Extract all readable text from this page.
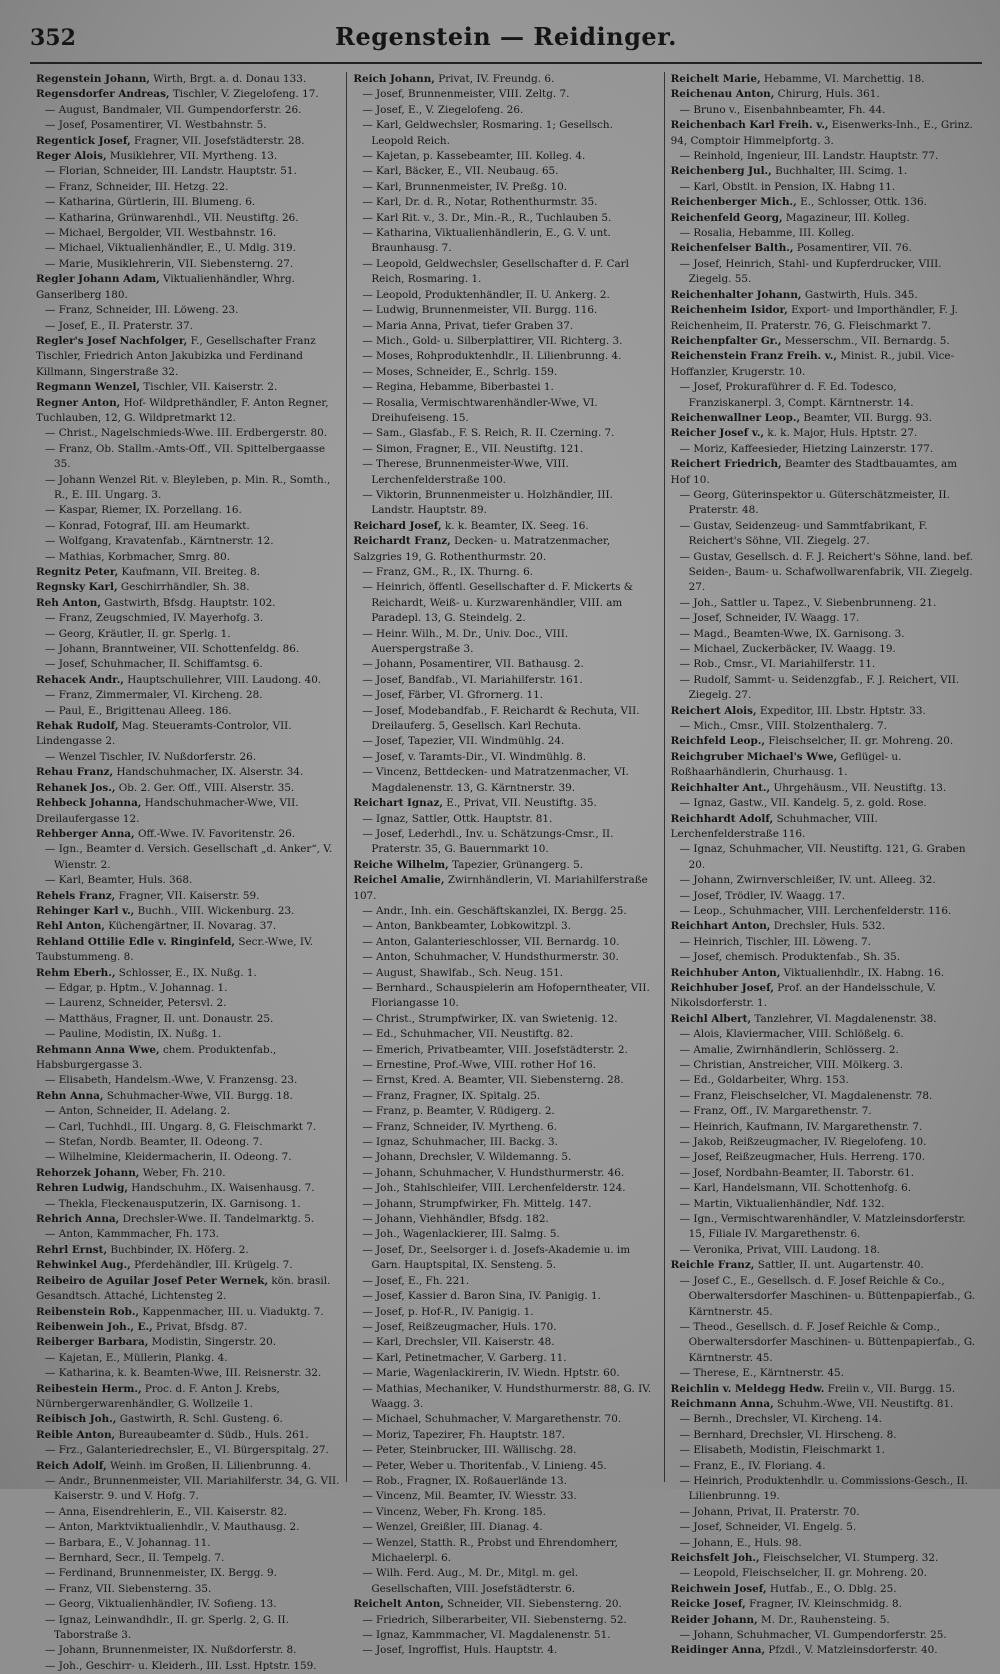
352	Regenstein — Reidinger.

Regenstein Johann, Wirth, Brgt. a. d. Donau 133.

Regensdorfer Andreas, Tischler, V. Ziegelofeng. 17.

— August, Bandmaler, VII. Gumpendorferstr. 26.

— Josef, Posamentirer, VI. Westbahnstr. 5.

Regentick Josef, Fragner, VII. Josefstädterstr. 28.

Reger Alois, Musiklehrer, VII. Myrtheng. 13.

— Florian, Schneider, III. Landstr. Hauptstr. 51.

— Franz, Schneider, III. Hetzg. 22.

— Katharina, Gürtlerin, III. Blumeng. 6.

— Katharina, Grünwarenhdl., VII. Neustiftg. 26.

— Michael, Bergolder, VII. Westbahnstr. 16.

— Michael, Viktualienhändler, E., U. Mdlg. 319.

— Marie, Musiklehrerin, VII. Siebensterng. 27.

Regler Johann Adam, Viktualienhändler, Whrg. Ganserlberg 180.

— Franz, Schneider, III. Löweng. 23.

— Josef, E., II. Praterstr. 37.

Regler's Josef Nachfolger, F., Gesellschafter Franz Tischler, Friedrich Anton Jakubizka und Ferdinand Killmann, Singerstraße 32.

Regmann Wenzel, Tischler, VII. Kaiserstr. 2.

Regner Anton, Hof- Wildprethändler, F. Anton Regner, Tuchlauben, 12, G. Wildpretmarkt 12.

— Christ., Nagelschmieds-Wwe. III. Erdbergerstr. 80.

— Franz, Ob. Stallm.-Amts-Off., VII. Spittelbergaasse 35.

— Johann Wenzel Rit. v. Bleyleben, p. Min. R., Somth., R., E. III. Ungarg. 3.

— Kaspar, Riemer, IX. Porzellang. 16.

— Konrad, Fotograf, III. am Heumarkt.

— Wolfgang, Kravatenfab., Kärntnerstr. 12.

— Mathias, Korbmacher, Smrg. 80.

Regnitz Peter, Kaufmann, VII. Breiteg. 8.

Regnsky Karl, Geschirrhändler, Sh. 38.

Reh Anton, Gastwirth, Bfsdg. Hauptstr. 102.

— Franz, Zeugschmied, IV. Mayerhofg. 3.

— Georg, Kräutler, II. gr. Sperlg. 1.

— Johann, Branntweiner, VII. Schottenfeldg. 86.

— Josef, Schuhmacher, II. Schiffamtsg. 6.

Rehacek Andr., Hauptschullehrer, VIII. Laudong. 40.

— Franz, Zimmermaler, VI. Kircheng. 28.

— Paul, E., Brigittenau Alleeg. 186.

Rehak Rudolf, Mag. Steueramts-Controlor, VII. Lindengasse 2.

— Wenzel Tischler, IV. Nußdorferstr. 26.

Rehau Franz, Handschuhmacher, IX. Alserstr. 34.

Rehanek Jos., Ob. 2. Ger. Off., VIII. Alserstr. 35.

Rehbeck Johanna, Handschuhmacher-Wwe, VII. Dreilaufergasse 12.

Rehberger Anna, Off.-Wwe. IV. Favoritenstr. 26.

— Ign., Beamter d. Versich. Gesellschaft „d. Anker“, V. Wienstr. 2.

— Karl, Beamter, Huls. 368.

Rehels Franz, Fragner, VII. Kaiserstr. 59.

Rehinger Karl v., Buchh., VIII. Wickenburg. 23.

Rehl Anton, Küchengärtner, II. Novarag. 37.

Rehland Ottilie Edle v. Ringinfeld, Secr.-Wwe, IV. Taubstummeng. 8.

Rehm Eberh., Schlosser, E., IX. Nußg. 1.

— Edgar, p. Hptm., V. Johannag. 1.

— Laurenz, Schneider, Petersvl. 2.

— Matthäus, Fragner, II. unt. Donaustr. 25.

— Pauline, Modistin, IX. Nußg. 1.

Rehmann Anna Wwe, chem. Produktenfab., Habsburgergasse 3.

— Elisabeth, Handelsm.-Wwe, V. Franzensg. 23.

Rehn Anna, Schuhmacher-Wwe, VII. Burgg. 18.

— Anton, Schneider, II. Adelang. 2.

— Carl, Tuchhdl., III. Ungarg. 8, G. Fleischmarkt 7.

— Stefan, Nordb. Beamter, II. Odeong. 7.

— Wilhelmine, Kleidermacherin, II. Odeong. 7.

Rehorzek Johann, Weber, Fh. 210.

Rehren Ludwig, Handschuhm., IX. Waisenhausg. 7.

— Thekla, Fleckenausputzerin, IX. Garnisong. 1.

Rehrich Anna, Drechsler-Wwe. II. Tandelmarktg. 5.

— Anton, Kammmacher, Fh. 173.

Rehrl Ernst, Buchbinder, IX. Höferg. 2.

Rehwinkel Aug., Pferdehändler, III. Krügelg. 7.

Reibeiro de Aguilar Josef Peter Wernek, kön. brasil. Gesandtsch. Attaché, Lichtensteg 2.

Reibenstein Rob., Kappenmacher, III. u. Viaduktg. 7.

Reibenwein Joh., E., Privat, Bfsdg. 87.

Reiberger Barbara, Modistin, Singerstr. 20.

— Kajetan, E., Müllerin, Plankg. 4.

— Katharina, k. k. Beamten-Wwe, III. Reisnerstr. 32.

Reibestein Herm., Proc. d. F. Anton J. Krebs, Nürnbergerwarenhändler, G. Wollzeile 1.

Reibisch Joh., Gastwirth, R. Schl. Gusteng. 6.

Reible Anton, Bureaubeamter d. Südb., Huls. 261.

— Frz., Galanteriedrechsler, E., VI. Bürgerspitalg. 27.

Reich Adolf, Weinh. im Großen, II. Lilienbrunng. 4.

— Andr., Brunnenmeister, VII. Mariahilferstr. 34, G. VII. Kaiserstr. 9. und V. Hofg. 7.

— Anna, Eisendrehlerin, E., VII. Kaiserstr. 82.

— Anton, Marktviktualienhdlr., V. Mauthausg. 2.

— Barbara, E., V. Johannag. 11.

— Bernhard, Secr., II. Tempelg. 7.

— Ferdinand, Brunnenmeister, IX. Bergg. 9.

— Franz, VII. Siebensterng. 35.

— Georg, Viktualienhändler, IV. Sofieng. 13.

— Ignaz, Leinwandhdlr., II. gr. Sperlg. 2, G. II. Taborstraße 3.

— Johann, Brunnenmeister, IX. Nußdorferstr. 8.

— Joh., Geschirr- u. Kleiderh., III. Lsst. Hptstr. 159.

Reich Johann, Privat, IV. Freundg. 6.

— Josef, Brunnenmeister, VIII. Zeltg. 7.

— Josef, E., V. Ziegelofeng. 26.

— Karl, Geldwechsler, Rosmaring. 1; Gesellsch. Leopold Reich.

— Kajetan, p. Kassebeamter, III. Kolleg. 4.

— Karl, Bäcker, E., VII. Neubaug. 65.

— Karl, Brunnenmeister, IV. Preßg. 10.

— Karl, Dr. d. R., Notar, Rothenthurmstr. 35.

— Karl Rit. v., 3. Dr., Min.-R., R., Tuchlauben 5.

— Katharina, Viktualienhändlerin, E., G. V. unt. Braunhausg. 7.

— Leopold, Geldwechsler, Gesellschafter d. F. Carl Reich, Rosmaring. 1.

— Leopold, Produktenhändler, II. U. Ankerg. 2.

— Ludwig, Brunnenmeister, VII. Burgg. 116.

— Maria Anna, Privat, tiefer Graben 37.

— Mich., Gold- u. Silberplattirer, VII. Richterg. 3.

— Moses, Rohproduktenhdlr., II. Lilienbrunng. 4.

— Moses, Schneider, E., Schrlg. 159.

— Regina, Hebamme, Biberbastei 1.

— Rosalia, Vermischtwarenhändler-Wwe, VI. Dreihufeiseng. 15.

— Sam., Glasfab., F. S. Reich, R. II. Czerning. 7.

— Simon, Fragner, E., VII. Neustiftg. 121.

— Therese, Brunnenmeister-Wwe, VIII. Lerchenfelderstraße 100.

— Viktorin, Brunnenmeister u. Holzhändler, III. Landstr. Hauptstr. 89.

Reichard Josef, k. k. Beamter, IX. Seeg. 16.

Reichardt Franz, Decken- u. Matratzenmacher, Salzgries 19, G. Rothenthurmstr. 20.

— Franz, GM., R., IX. Thurng. 6.

— Heinrich, öffentl. Gesellschafter d. F. Mickerts & Reichardt, Weiß- u. Kurzwarenhändler, VIII. am Paradepl. 13, G. Steindelg. 2.

— Heinr. Wilh., M. Dr., Univ. Doc., VIII. Auerspergstraße 3.

— Johann, Posamentirer, VII. Bathausg. 2.

— Josef, Bandfab., VI. Mariahilferstr. 161.

— Josef, Färber, VI. Gfrornerg. 11.

— Josef, Modebandfab., F. Reichardt & Rechuta, VII. Dreilauferg. 5, Gesellsch. Karl Rechuta.

— Josef, Tapezier, VII. Windmühlg. 24.

— Josef, v. Taramts-Dir., VI. Windmühlg. 8.

— Vincenz, Bettdecken- und Matratzenmacher, VI. Magdalenenstr. 13, G. Kärntnerstr. 39.

Reichart Ignaz, E., Privat, VII. Neustiftg. 35.

— Ignaz, Sattler, Ottk. Hauptstr. 81.

— Josef, Lederhdl., Inv. u. Schätzungs-Cmsr., II. Praterstr. 35, G. Bauernmarkt 10.

Reiche Wilhelm, Tapezier, Grünangerg. 5.

Reichel Amalie, Zwirnhändlerin, VI. Mariahilferstraße 107.

— Andr., Inh. ein. Geschäftskanzlei, IX. Bergg. 25.

— Anton, Bankbeamter, Lobkowitzpl. 3.

— Anton, Galanterieschlosser, VII. Bernardg. 10.

— Anton, Schuhmacher, V. Hundsthurmerstr. 30.

— August, Shawlfab., Sch. Neug. 151.

— Bernhard., Schauspielerin am Hofoperntheater, VII. Floriangasse 10.

— Christ., Strumpfwirker, IX. van Swietenig. 12.

— Ed., Schuhmacher, VII. Neustiftg. 82.

— Emerich, Privatbeamter, VIII. Josefstädterstr. 2.

— Ernestine, Prof.-Wwe, VIII. rother Hof 16.

— Ernst, Kred. A. Beamter, VII. Siebensterng. 28.

— Franz, Fragner, IX. Spitalg. 25.

— Franz, p. Beamter, V. Rüdigerg. 2.

— Franz, Schneider, IV. Myrtheng. 6.

— Ignaz, Schuhmacher, III. Backg. 3.

— Johann, Drechsler, V. Wildemanng. 5.

— Johann, Schuhmacher, V. Hundsthurmerstr. 46.

— Joh., Stahlschleifer, VIII. Lerchenfelderstr. 124.

— Johann, Strumpfwirker, Fh. Mittelg. 147.

— Johann, Viehhändler, Bfsdg. 182.

— Joh., Wagenlackierer, III. Salmg. 5.

— Josef, Dr., Seelsorger i. d. Josefs-Akademie u. im Garn. Hauptspital, IX. Sensteng. 5.

— Josef, E., Fh. 221.

— Josef, Kassier d. Baron Sina, IV. Panigig. 1.

— Josef, p. Hof-R., IV. Panigig. 1.

— Josef, Reißzeugmacher, Huls. 170.

— Karl, Drechsler, VII. Kaiserstr. 48.

— Karl, Petinetmacher, V. Garberg. 11.

— Marie, Wagenlackirerin, IV. Wiedn. Hptstr. 60.

— Mathias, Mechaniker, V. Hundsthurmerstr. 88, G. IV. Waagg. 3.

— Michael, Schuhmacher, V. Margarethenstr. 70.

— Moriz, Tapezirer, Fh. Hauptstr. 187.

— Peter, Steinbrucker, III. Wällischg. 28.

— Peter, Weber u. Thoritenfab., V. Linieng. 45.

— Rob., Fragner, IX. Roßauerlände 13.

— Vincenz, Mil. Beamter, IV. Wiesstr. 33.

— Vincenz, Weber, Fh. Krong. 185.

— Wenzel, Greißler, III. Dianag. 4.

— Wenzel, Statth. R., Probst und Ehrendomherr, Michaelerpl. 6.

— Wilh. Ferd. Aug., M. Dr., Mitgl. m. gel. Gesellschaften, VIII. Josefstädterstr. 6.

Reichelt Anton, Schneider, VII. Siebensterng. 20.

— Friedrich, Silberarbeiter, VII. Siebensterng. 52.

— Ignaz, Kammmacher, VI. Magdalenenstr. 51.

— Josef, Ingroffist, Huls. Hauptstr. 4.

Reichelt Marie, Hebamme, VI. Marchettig. 18.

Reichenau Anton, Chirurg, Huls. 361.

— Bruno v., Eisenbahnbeamter, Fh. 44.

Reichenbach Karl Freih. v., Eisenwerks-Inh., E., Grinz. 94, Comptoir Himmelpfortg. 3.

— Reinhold, Ingenieur, III. Landstr. Hauptstr. 77.

Reichenberg Jul., Buchhalter, III. Scimg. 1.

— Karl, Obstlt. in Pension, IX. Habng 11.

Reichenberger Mich., E., Schlosser, Ottk. 136.

Reichenfeld Georg, Magazineur, III. Kolleg.

— Rosalia, Hebamme, III. Kolleg.

Reichenfelser Balth., Posamentirer, VII. 76.

— Josef, Heinrich, Stahl- und Kupferdrucker, VIII. Ziegelg. 55.

Reichenhalter Johann, Gastwirth, Huls. 345.

Reichenheim Isidor, Export- und Importhändler, F. J. Reichenheim, II. Praterstr. 76, G. Fleischmarkt 7.

Reichenpfalter Gr., Messerschm., VII. Bernardg. 5.

Reichenstein Franz Freih. v., Minist. R., jubil. Vice-Hoffanzler, Krugerstr. 10.

— Josef, Prokuraführer d. F. Ed. Todesco, Franziskanerpl. 3, Compt. Kärntnerstr. 14.

Reichenwallner Leop., Beamter, VII. Burgg. 93.

Reicher Josef v., k. k. Major, Huls. Hptstr. 27.

— Moriz, Kaffeesieder, Hietzing Lainzerstr. 177.

Reichert Friedrich, Beamter des Stadtbauamtes, am Hof 10.

— Georg, Güterinspektor u. Güterschätzmeister, II. Praterstr. 48.

— Gustav, Seidenzeug- und Sammtfabrikant, F. Reichert's Söhne, VII. Ziegelg. 27.

— Gustav, Gesellsch. d. F. J. Reichert's Söhne, land. bef. Seiden-, Baum- u. Schafwollwarenfabrik, VII. Ziegelg. 27.

— Joh., Sattler u. Tapez., V. Siebenbrunneng. 21.

— Josef, Schneider, IV. Waagg. 17.

— Magd., Beamten-Wwe, IX. Garnisong. 3.

— Michael, Zuckerbäcker, IV. Waagg. 19.

— Rob., Cmsr., VI. Mariahilferstr. 11.

— Rudolf, Sammt- u. Seidenzgfab., F. J. Reichert, VII. Ziegelg. 27.

Reichert Alois, Expeditor, III. Lbstr. Hptstr. 33.

— Mich., Cmsr., VIII. Stolzenthalerg. 7.

Reichfeld Leop., Fleischselcher, II. gr. Mohreng. 20.

Reichgruber Michael's Wwe, Geflügel- u. Roßhaarhändlerin, Churhausg. 1.

Reichhalter Ant., Uhrgehäusm., VII. Neustiftg. 13.

— Ignaz, Gastw., VII. Kandelg. 5, z. gold. Rose.

Reichhardt Adolf, Schuhmacher, VIII. Lerchenfelderstraße 116.

— Ignaz, Schuhmacher, VII. Neustiftg. 121, G. Graben 20.

— Johann, Zwirnverschleißer, IV. unt. Alleeg. 32.

— Josef, Trödler, IV. Waagg. 17.

— Leop., Schuhmacher, VIII. Lerchenfelderstr. 116.

Reichhart Anton, Drechsler, Huls. 532.

— Heinrich, Tischler, III. Löweng. 7.

— Josef, chemisch. Produktenfab., Sh. 35.

Reichhuber Anton, Viktualienhdlr., IX. Habng. 16.

Reichhuber Josef, Prof. an der Handelsschule, V. Nikolsdorferstr. 1.

Reichl Albert, Tanzlehrer, VI. Magdalenenstr. 38.

— Alois, Klaviermacher, VIII. Schlößelg. 6.

— Amalie, Zwirnhändlerin, Schlösserg. 2.

— Christian, Anstreicher, VIII. Mölkerg. 3.

— Ed., Goldarbeiter, Whrg. 153.

— Franz, Fleischselcher, VI. Magdalenenstr. 78.

— Franz, Off., IV. Margarethenstr. 7.

— Heinrich, Kaufmann, IV. Margarethenstr. 7.

— Jakob, Reißzeugmacher, IV. Riegelofeng. 10.

— Josef, Reißzeugmacher, Huls. Herreng. 170.

— Josef, Nordbahn-Beamter, II. Taborstr. 61.

— Karl, Handelsmann, VII. Schottenhofg. 6.

— Martin, Viktualienhändler, Ndf. 132.

— Ign., Vermischtwarenhändler, V. Matzleinsdorferstr. 15, Filiale IV. Margarethenstr. 6.

— Veronika, Privat, VIII. Laudong. 18.

Reichle Franz, Sattler, II. unt. Augartenstr. 40.

— Josef C., E., Gesellsch. d. F. Josef Reichle & Co., Oberwaltersdorfer Maschinen- u. Büttenpapierfab., G. Kärntnerstr. 45.

— Theod., Gesellsch. d. F. Josef Reichle & Comp., Oberwaltersdorfer Maschinen- u. Büttenpapierfab., G. Kärntnerstr. 45.

— Therese, E., Kärntnerstr. 45.

Reichlin v. Meldegg Hedw. Freiin v., VII. Burgg. 15.

Reichmann Anna, Schuhm.-Wwe, VII. Neustiftg. 81.

— Bernh., Drechsler, VI. Kircheng. 14.

— Bernhard, Drechsler, VI. Hirscheng. 8.

— Elisabeth, Modistin, Fleischmarkt 1.

— Franz, E., IV. Floriang. 4.

— Heinrich, Produktenhdlr. u. Commissions-Gesch., II. Lilienbrunng. 19.

— Johann, Privat, II. Praterstr. 70.

— Josef, Schneider, VI. Engelg. 5.

— Johann, E., Huls. 98.

Reichsfelt Joh., Fleischselcher, VI. Stumperg. 32.

— Leopold, Fleischselcher, II. gr. Mohreng. 20.

Reichwein Josef, Hutfab., E., O. Dblg. 25.

Reicke Josef, Fragner, IV. Kleinschmidg. 8.

Reider Johann, M. Dr., Rauhensteing. 5.

— Johann, Schuhmacher, VI. Gumpendorferstr. 25.

Reidinger Anna, Pfzdl., V. Matzleinsdorferstr. 40.
